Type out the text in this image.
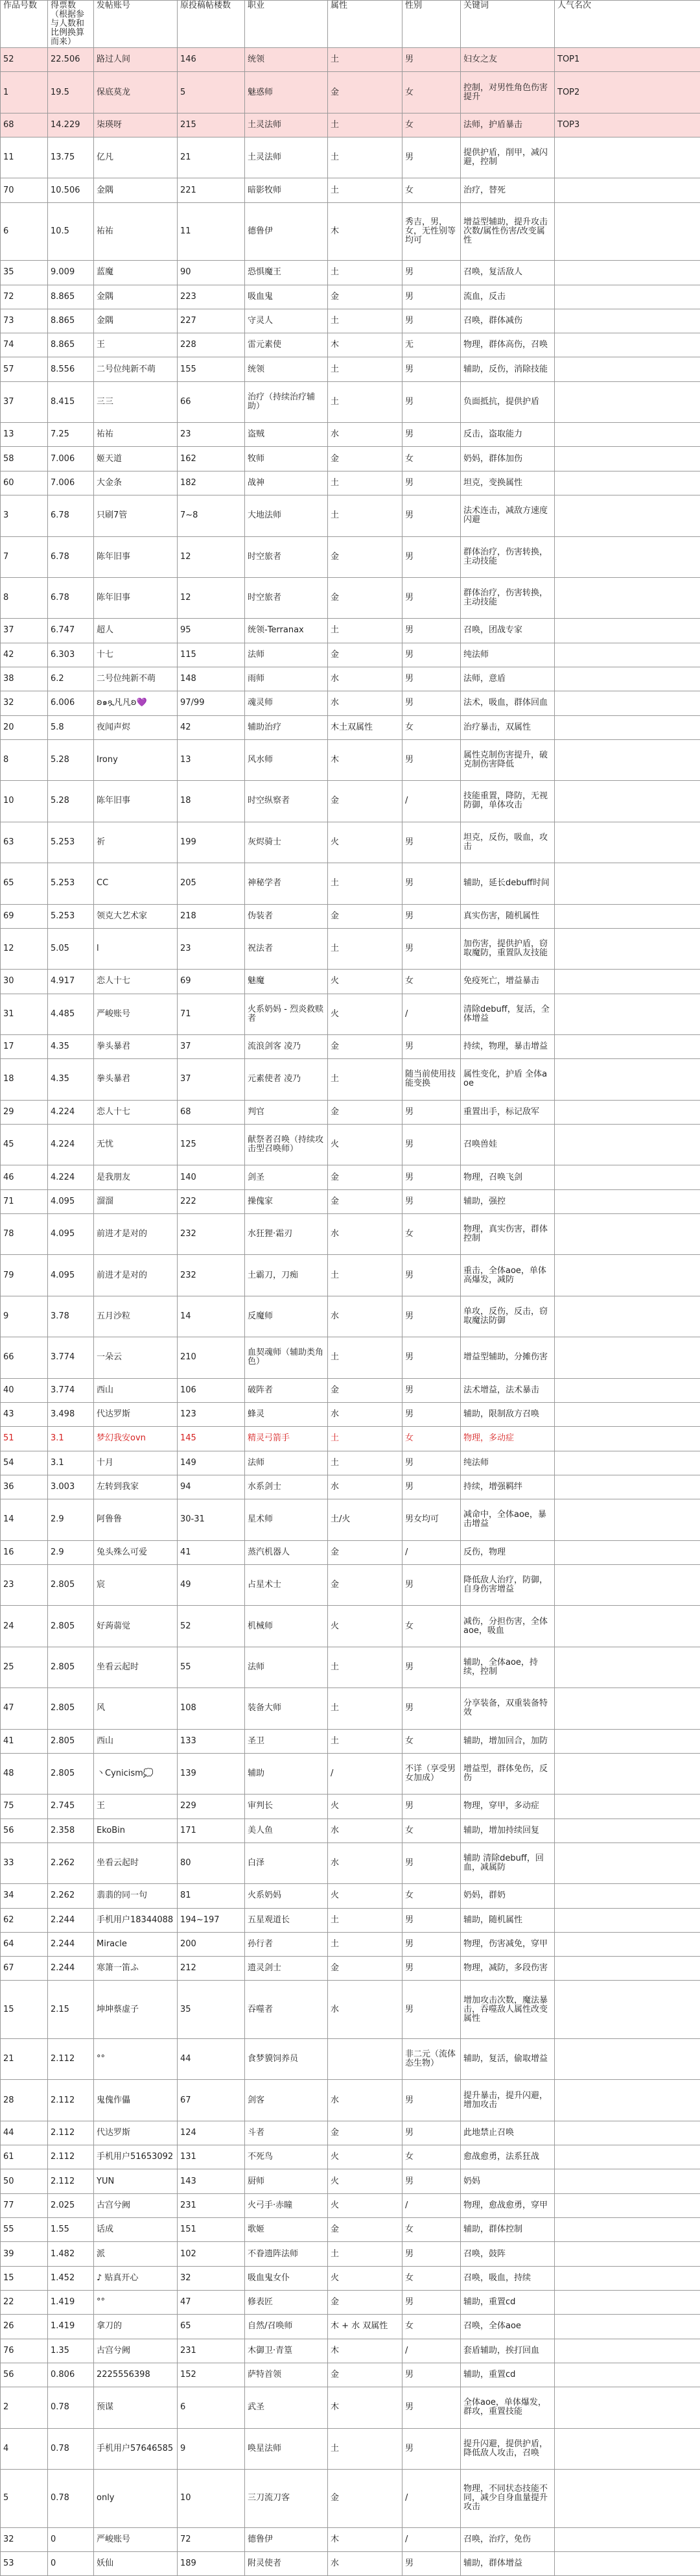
作品号数	得票数（根据参与人数和比例换算而来）	发帖账号	原投稿帖楼数	职业	属性	性别	关键词	人气名次
52	22.506	路过人间	146	统领	土	男	妇女之友	TOP1
1	19.5	保底莫龙	5	魅惑师	金	女	控制，对男性角色伤害提升	TOP2
68	14.229	柒瑛呀	215	土灵法师	土	女	法师，护盾暴击	TOP3
11	13.75	亿凡	21	土灵法师	土	男	提供护盾，削甲，减闪避，控制	
70	10.506	金隅	221	暗影牧师	土	女	治疗，替死	
6	10.5	祐祐	11	德鲁伊	木	秀吉，男，女，无性别等均可	增益型辅助，提升攻击次数/属性伤害/改变属性	
35	9.009	蓝魔	90	恐惧魔王	土	男	召唤，复活敌人	
72	8.865	金隅	223	吸血鬼	金	男	流血，反击	
73	8.865	金隅	227	守灵人	土	男	召唤，群体减伤	
74	8.865	王	228	雷元素使	木	无	物理，群体高伤，召唤	
57	8.556	二号位纯新不萌	155	统领	土	男	辅助，反伤，消除技能	
37	8.415	三三	66	治疗（持续治疗辅助）	土	男	负面抵抗，提供护盾	
13	7.25	祐祐	23	盗贼	水	男	反击，盗取能力	
58	7.006	姬天道	162	牧师	金	女	奶妈，群体加伤	
60	7.006	大金条	182	战神	土	男	坦克，变换属性	
3	6.78	只刷7管	7~8	大地法师	土	男	法术连击，减敌方速度闪避	
7	6.78	陈年旧事	12	时空旅者	金	男	群体治疗，伤害转换，主动技能	
8	6.78	陈年旧事	12	时空旅者	金	男	群体治疗，伤害转换，主动技能	
37	6.747	超人	95	统领-Terranax	土	男	召唤，团战专家	
42	6.303	十七	115	法师	金	男	纯法师	
38	6.2	二号位纯新不萌	148	雨师	水	男	法师，意盾	
32	6.006	ʚ๑ጿ凡凡ʚ💜	97/99	魂灵师	水	男	法术，吸血，群体回血	
20	5.8	夜闻声烬	42	辅助治疗	木土双属性	女	治疗暴击，双属性	
8	5.28	Irony	13	风水师	木	男	属性克制伤害提升，破克制伤害降低	
10	5.28	陈年旧事	18	时空纵察者	金	/	技能重置，降防，无视防御，单体攻击	
63	5.253	祈	199	灰烬骑士	火	男	坦克，反伤，吸血，攻击	
65	5.253	CC	205	神秘学者	土	男	辅助，延长debuff时间	
69	5.253	领克大艺术家	218	伪装者	金	男	真实伤害，随机属性	
12	5.05	l	23	祝法者	土	男	加伤害，提供护盾，窃取魔防，重置队友技能	
30	4.917	恋人十七	69	魅魔	火	女	免疫死亡，增益暴击	
31	4.485	严峻账号	71	火系奶妈 - 烈炎救赎者	火	/	清除debuff，复活，全体增益	
17	4.35	拳头暴君	37	流浪剑客 凌乃	金	男	持续，物理，暴击增益	
18	4.35	拳头暴君	37	元素使者 凌乃	土	随当前使用技能变换	属性变化，护盾 全体aoe	
29	4.224	恋人十七	68	判官	金	男	重置出手，标记敌军	
45	4.224	无忧	125	献祭者召唤（持续攻击型召唤师）	火	男	召唤兽娃	
46	4.224	是我朋友	140	剑圣	金	男	物理，召唤飞剑	
71	4.095	溜溜	222	操傀家	金	男	辅助，强控	
78	4.095	前进才是对的	232	水狂狸·霜刃	水	女	物理，真实伤害，群体控制	
79	4.095	前进才是对的	232	土霸刀，刀痴	土	男	重击，全体aoe，单体高爆发，减防	
9	3.78	五月沙粒	14	反魔师	水	男	单攻，反伤，反击，窃取魔法防御	
66	3.774	一朵云	210	血契魂师（辅助类角色）	土	男	增益型辅助，分摊伤害	
40	3.774	西山	106	破阵者	金	男	法术增益，法术暴击	
43	3.498	代达罗斯	123	蜂灵	水	男	辅助，限制敌方召唤	
51	3.1	梦幻我安ovn	145	精灵弓箭手	土	女	物理，多动症	
54	3.1	十月	149	法师	土	男	纯法师	
36	3.003	左转到我家	94	水系剑士	水	男	持续，增强羁绊	
14	2.9	阿鲁鲁	30-31	星术师	土/火	男女均可	减命中，全体aoe，暴击增益	
16	2.9	兔头殊么可爱	41	蒸汽机器人	金	/	反伤，物理	
23	2.805	宸	49	占星术士	金	男	降低敌人治疗，防御，自身伤害增益	
24	2.805	好蒟蒻觉	52	机械师	火	女	减伤，分担伤害，全体aoe，吸血	
25	2.805	坐看云起时	55	法师	土	男	辅助，全体aoe，持续，控制	
47	2.805	风	108	装备大师	土	男	分享装备，双重装备特效	
41	2.805	西山	133	圣卫	土	女	辅助，增加回合，加防	
48	2.805	丶Cynicism💭	139	辅助	/	不详（享受男女加成）	增益型，群体免伤，反伤	
75	2.745	王	229	审判长	火	男	物理，穿甲，多动症	
56	2.358	EkoBin	171	美人鱼	水	女	辅助，增加持续回复	
33	2.262	坐看云起时	80	白泽	水	男	辅助 清除debuff，回血，减属防	
34	2.262	翡翡的同一句	81	火系奶妈	火	女	奶妈，群奶	
62	2.244	手机用户18344088	194~197	五星观道长	土	男	辅助，随机属性	
64	2.244	Miracle	200	孙行者	土	男	物理，伤害减免，穿甲	
67	2.244	寒箫一笛ふ	212	遗灵剑士	金	男	物理，减防，多段伤害	
15	2.15	坤坤蔡虚子	35	吞噬者	水	男	增加攻击次数，魔法暴击，吞噬敌人属性改变属性	
21	2.112	°°	44	食梦貘饲养员		非二元（流体态生物）	辅助，复活，偷取增益	
28	2.112	鬼傀作儡	67	剑客	水	男	提升暴击，提升闪避，增加攻击	
44	2.112	代达罗斯	124	斗者	金	男	此地禁止召唤	
61	2.112	手机用户51653092	131	不死鸟	火	女	愈战愈勇，法系狂战	
50	2.112	YUN	143	厨师	火	男	奶妈	
77	2.025	古宫兮阙	231	火弓手·赤瞳	火	/	物理，愈战愈勇，穿甲	
55	1.55	话成	151	歌姬	金	女	辅助，群体控制	
39	1.482	派	102	不眷遗阵法师	土	男	召唤，鼓阵	
15	1.452	♪ 贴真开心	32	吸血鬼女仆	火	女	召唤，吸血，持续	
22	1.419	°°	47	修表匠	金	男	辅助，重置cd	
26	1.419	拿刀的	65	自然/召唤师	木 + 水 双属性	女	召唤，全体aoe	
76	1.35	古宫兮阙	231	木御卫·青篁	木	/	套盾辅助，挨打回血	
56	0.806	2225556398	152	萨特首领	金	男	辅助，重置cd	
2	0.78	预谋	6	武圣	木	男	全体aoe，单体爆发，群攻，重置技能	
4	0.78	手机用户57646585	9	唤星法师	土	男	提升闪避，提供护盾，降低敌人攻击，召唤	
5	0.78	only	10	三刀流刀客	金	/	物理，不同状态技能不同，减少自身血量提升攻击	
32	0	严峻账号	72	德鲁伊	木	/	召唤，治疗，免伤	
53	0	妖仙	189	附灵使者	水	男	辅助，群体增益	
